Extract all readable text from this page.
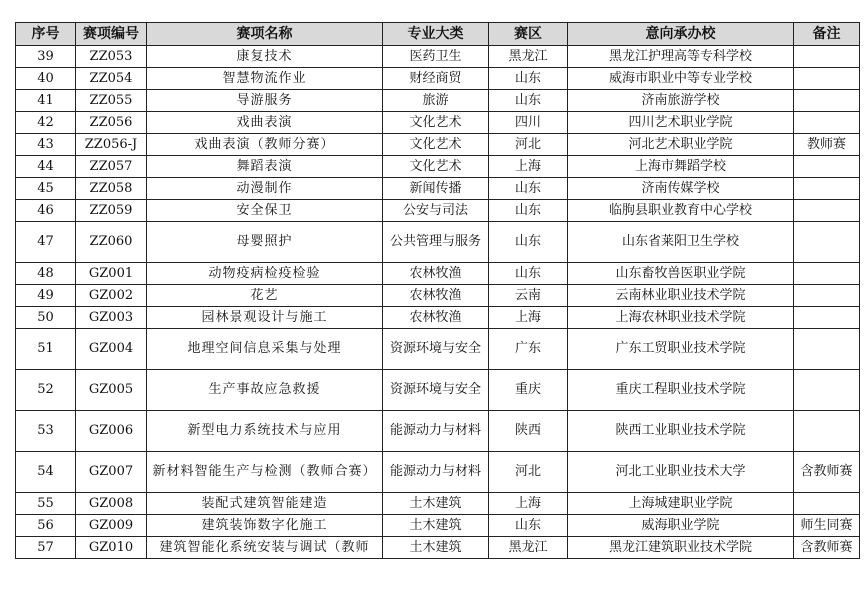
序号	赛项编号	赛项名称	专业大类	赛区	意向承办校	备注
39	ZZ053	康复技术	医药卫生	黑龙江	黑龙江护理高等专科学校	
40	ZZ054	智慧物流作业	财经商贸	山东	威海市职业中等专业学校	
41	ZZ055	导游服务	旅游	山东	济南旅游学校	
42	ZZ056	戏曲表演	文化艺术	四川	四川艺术职业学院	
43	ZZ056-J	戏曲表演（教师分赛）	文化艺术	河北	河北艺术职业学院	教师赛
44	ZZ057	舞蹈表演	文化艺术	上海	上海市舞蹈学校	
45	ZZ058	动漫制作	新闻传播	山东	济南传媒学校	
46	ZZ059	安全保卫	公安与司法	山东	临朐县职业教育中心学校	
47	ZZ060	母婴照护	公共管理与服务	山东	山东省莱阳卫生学校	
48	GZ001	动物疫病检疫检验	农林牧渔	山东	山东畜牧兽医职业学院	
49	GZ002	花艺	农林牧渔	云南	云南林业职业技术学院	
50	GZ003	园林景观设计与施工	农林牧渔	上海	上海农林职业技术学院	
51	GZ004	地理空间信息采集与处理	资源环境与安全	广东	广东工贸职业技术学院	
52	GZ005	生产事故应急救援	资源环境与安全	重庆	重庆工程职业技术学院	
53	GZ006	新型电力系统技术与应用	能源动力与材料	陕西	陕西工业职业技术学院	
54	GZ007	新材料智能生产与检测（教师合赛）	能源动力与材料	河北	河北工业职业技术大学	含教师赛
55	GZ008	装配式建筑智能建造	土木建筑	上海	上海城建职业学院	
56	GZ009	建筑装饰数字化施工	土木建筑	山东	威海职业学院	师生同赛
57	GZ010	建筑智能化系统安装与调试（教师	土木建筑	黑龙江	黑龙江建筑职业技术学院	含教师赛
